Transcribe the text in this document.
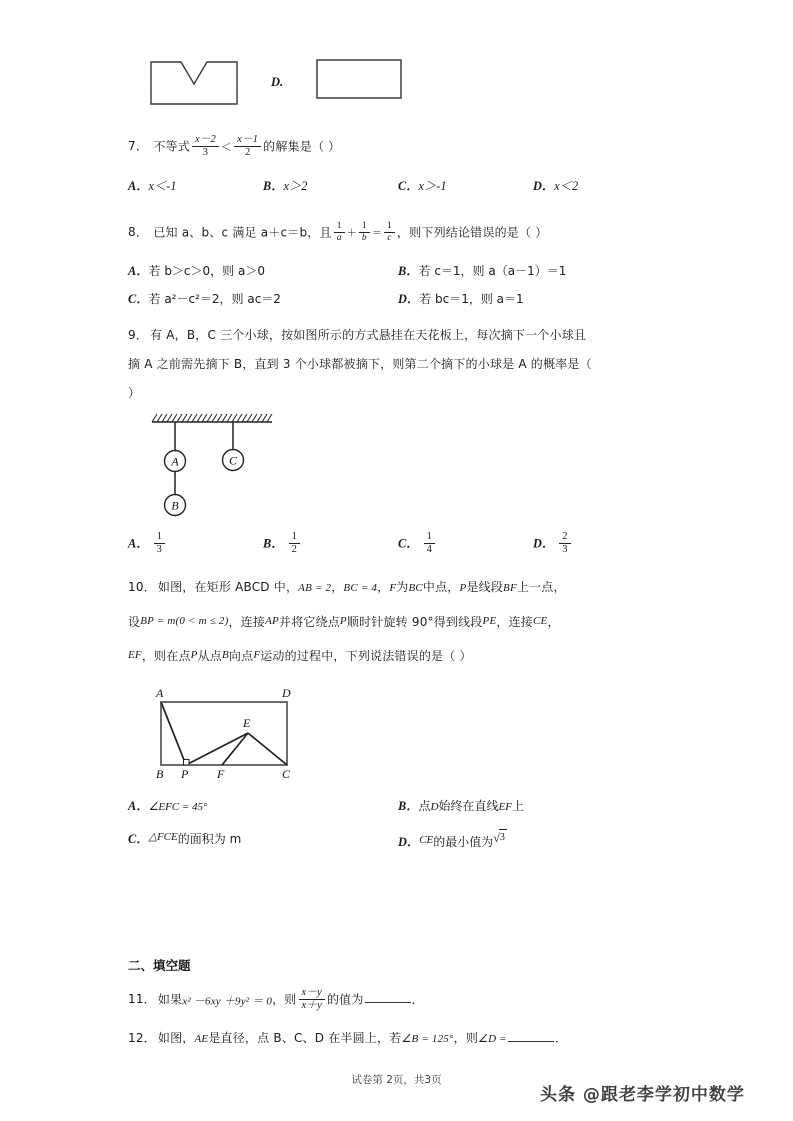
D.
7． 不等式 $\frac{x-2}{3} < \frac{x-1}{2}$ 的解集是（ ）
A．x＜-1	B．x＞2	C．x＞-1	D．x＜2
8． 已知 a、b、c 满足 a＋c＝b，且 $\frac{1}{a} + \frac{1}{b} = \frac{1}{c}$ ，则下列结论错误的是（ ）
A．若 b＞c＞0，则 a＞0	B．若 c＝1，则 a（a－1）＝1
C．若 a²－c²＝2，则 ac＝2	D．若 bc＝1，则 a＝1
9． 有 A，B，C 三个小球，按如图所示的方式悬挂在天花板上，每次摘下一个小球且
摘 A 之前需先摘下 B，直到 3 个小球都被摘下，则第二个摘下的小球是 A 的概率是（
）
A	C
B
A． $\frac{1}{3}$	B． $\frac{1}{2}$	C． $\frac{1}{4}$	D． $\frac{2}{3}$
10． 如图，在矩形 ABCD 中，AB = 2，BC = 4，F为BC中点，P是线段BF上一点，
设BP = m(0 < m ≤ 2)，连接AP并将它绕点P顺时针旋转 90°得到线段PE，连接CE，
EF，则在点P从点B向点F运动的过程中，下列说法错误的是（ ）
A	D
E
B P F	C
A．∠EFC = 45°	B．点D始终在直线EF上
C．△FCE的面积为 m	D．CE的最小值为√3
二、填空题
11． 如果x² －6xy ＋9y² ＝ 0，则 $\frac{x-y}{x+y}$ 的值为	．
12． 如图，AE是直径，点 B、C、D 在半圆上，若∠B = 125°，则∠D =	．
试卷第 2页，共3页
头条 @跟老李学初中数学
